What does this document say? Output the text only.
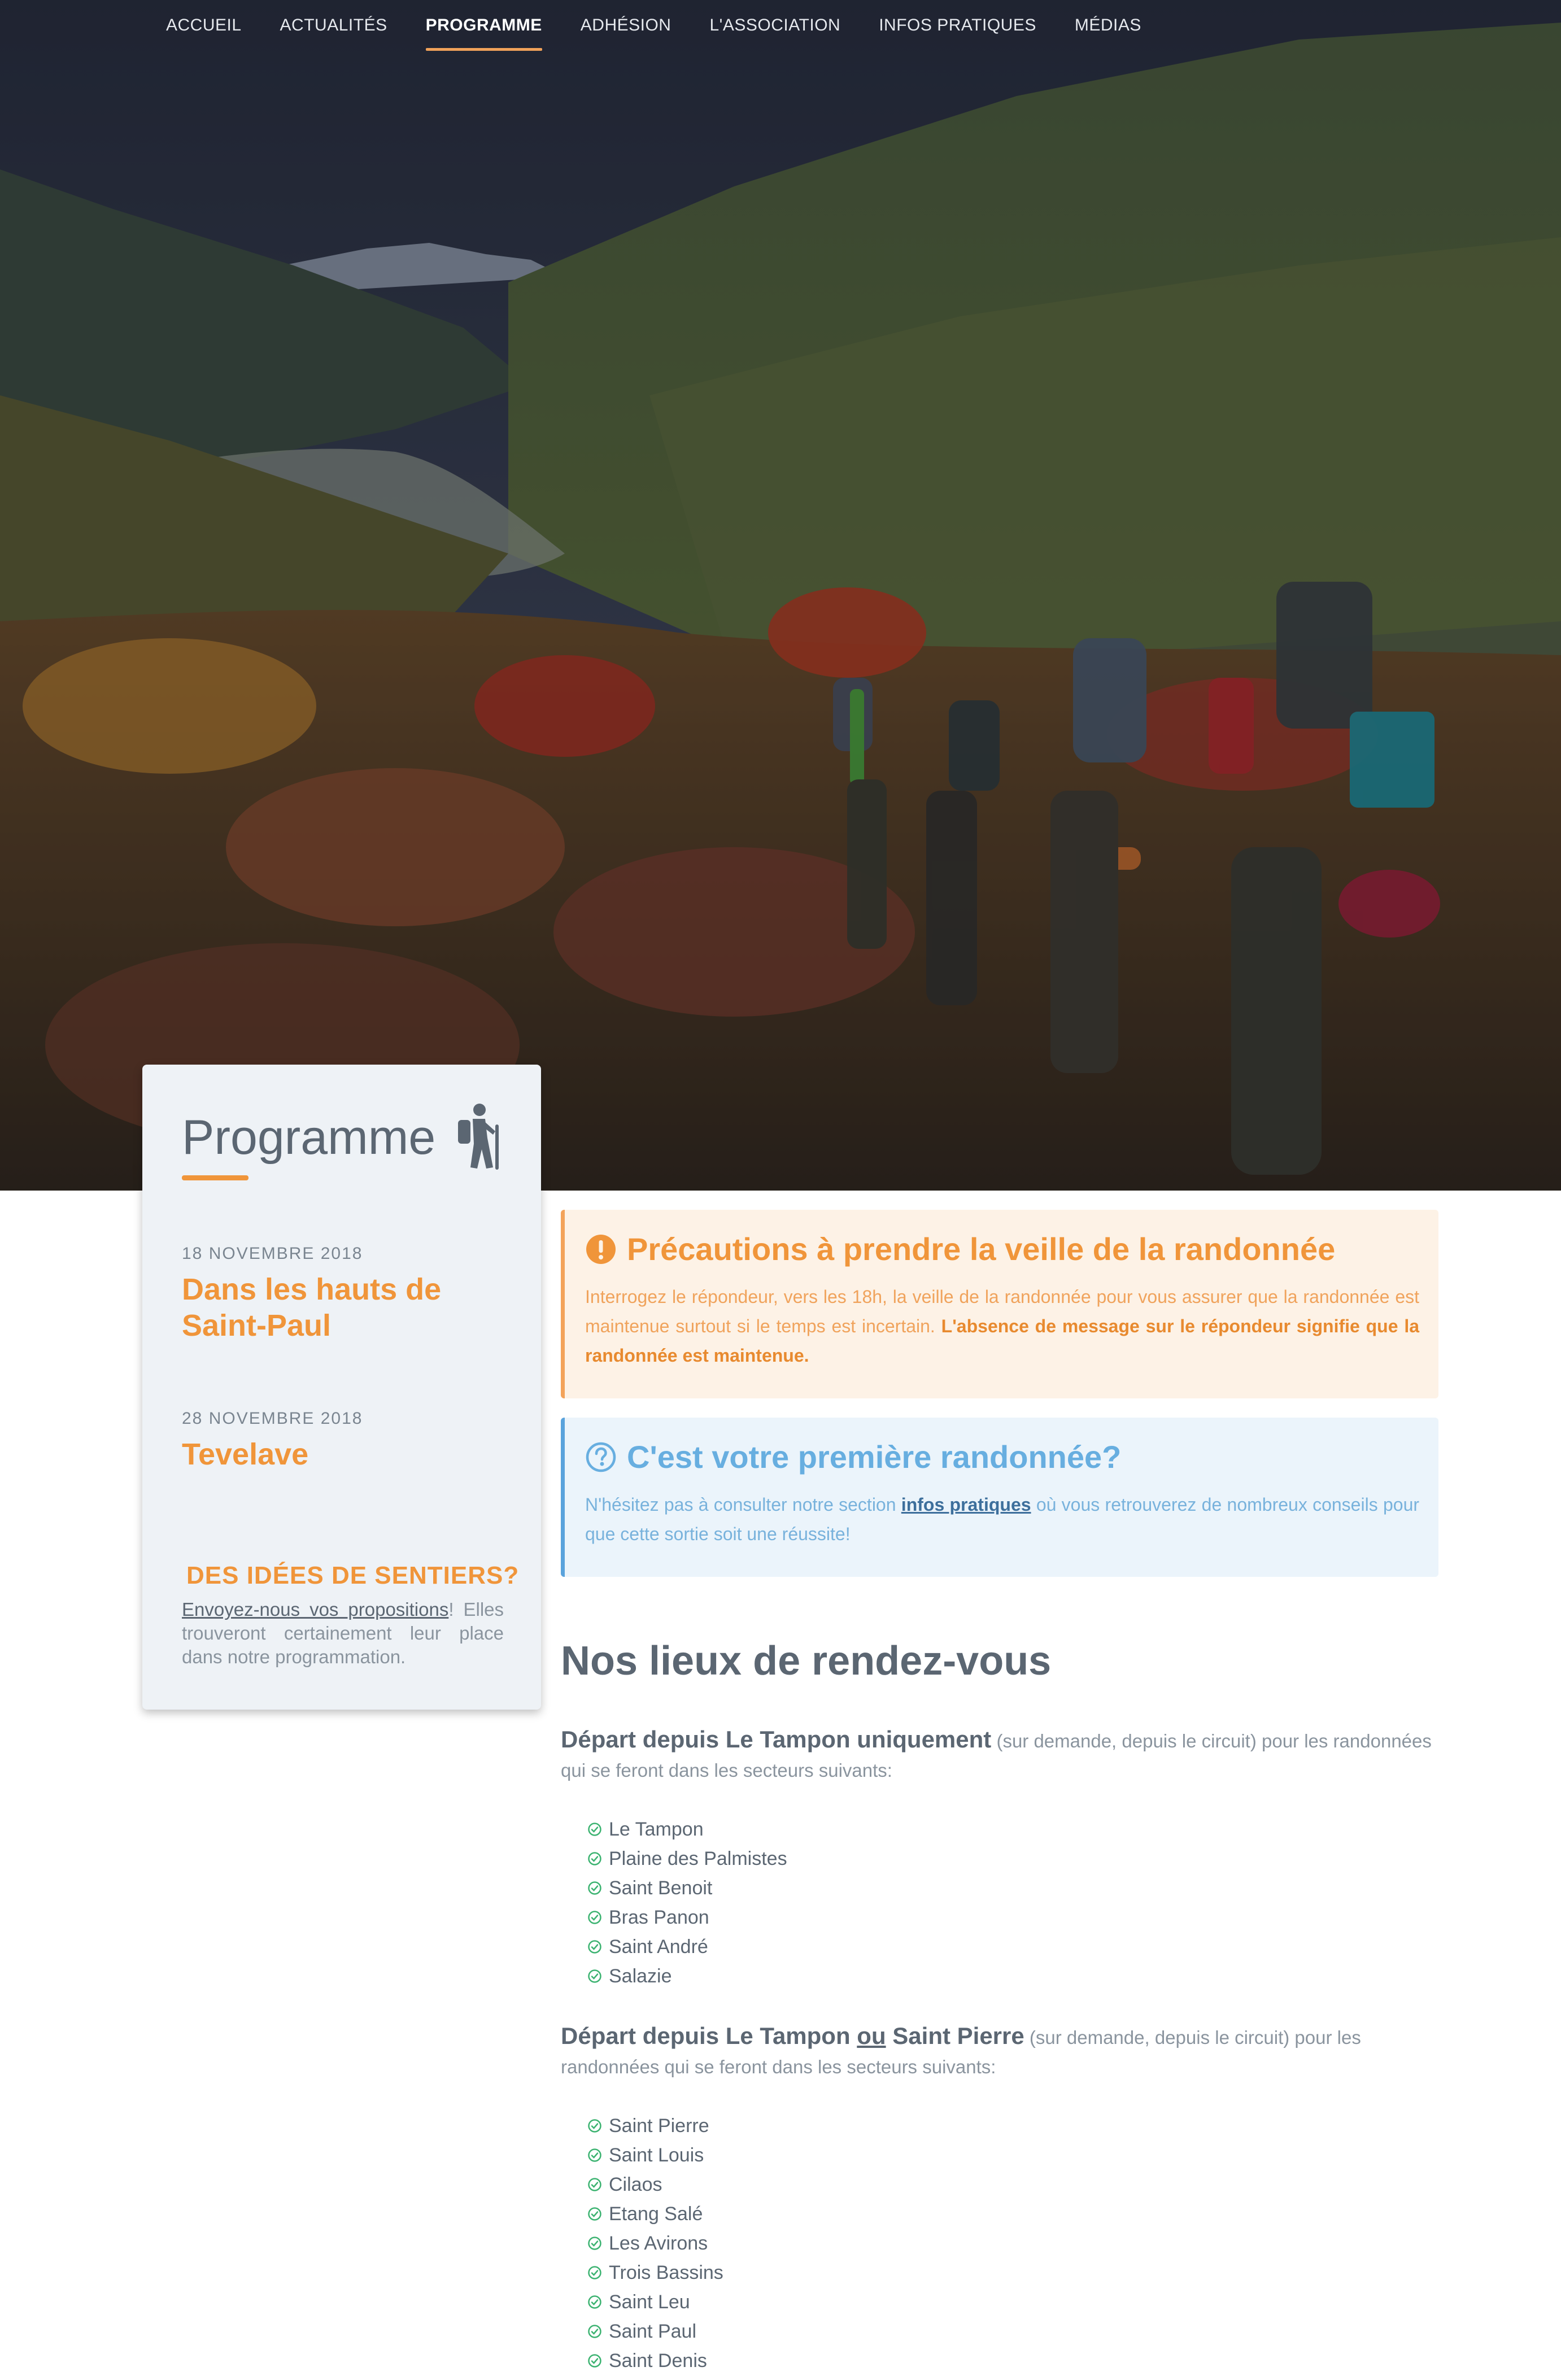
ACCUEIL	ACTUALITÉS	PROGRAMME	ADHÉSION	L'ASSOCIATION	INFOS PRATIQUES	MÉDIAS
Programme
18 NOVEMBRE 2018
Dans les hauts de Saint-Paul
28 NOVEMBRE 2018
Tevelave
DES IDÉES DE SENTIERS?
Envoyez-nous vos propositions! Elles trouveront certainement leur place dans notre programmation.
Précautions à prendre la veille de la randonnée
Interrogez le répondeur, vers les 18h, la veille de la randonnée pour vous assurer que la randonnée est maintenue surtout si le temps est incertain. L'absence de message sur le répondeur signifie que la randonnée est maintenue.
C'est votre première randonnée?
N'hésitez pas à consulter notre section infos pratiques où vous retrouverez de nombreux conseils pour que cette sortie soit une réussite!
Nos lieux de rendez-vous
Départ depuis Le Tampon uniquement (sur demande, depuis le circuit) pour les randonnées qui se feront dans les secteurs suivants:
Le Tampon
Plaine des Palmistes
Saint Benoit
Bras Panon
Saint André
Salazie
Départ depuis Le Tampon ou Saint Pierre (sur demande, depuis le circuit) pour les randonnées qui se feront dans les secteurs suivants:
Saint Pierre
Saint Louis
Cilaos
Etang Salé
Les Avirons
Trois Bassins
Saint Leu
Saint Paul
Saint Denis
